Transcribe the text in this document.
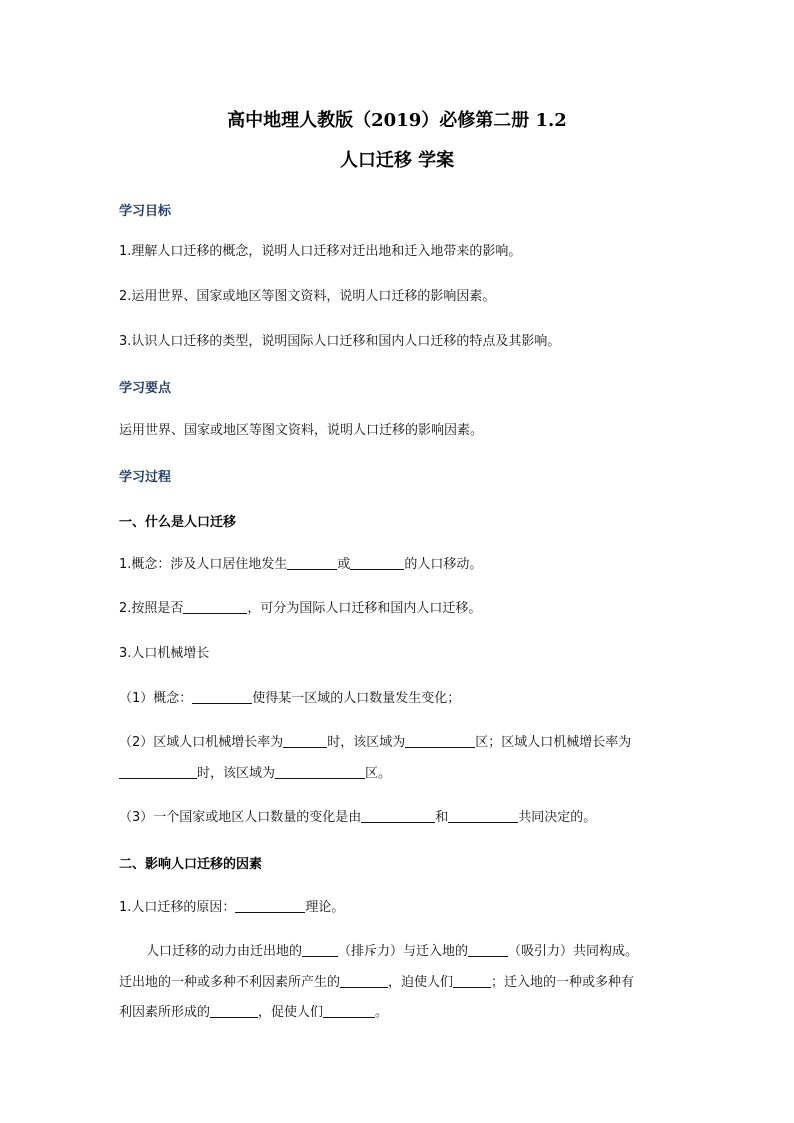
高中地理人教版（2019）必修第二册 1.2
人口迁移 学案
学习目标
1.理解人口迁移的概念，说明人口迁移对迁出地和迁入地带来的影响。
2.运用世界、国家或地区等图文资料，说明人口迁移的影响因素。
3.认识人口迁移的类型，说明国际人口迁移和国内人口迁移的特点及其影响。
学习要点
运用世界、国家或地区等图文资料，说明人口迁移的影响因素。
学习过程
一、什么是人口迁移
1.概念：涉及人口居住地发生	或	的人口移动。
2.按照是否	，可分为国际人口迁移和国内人口迁移。
3.人口机械增长
（1）概念：	使得某一区域的人口数量发生变化；
（2）区域人口机械增长率为	时，该区域为	区；区域人口机械增长率为
时，该区域为	区。
（3）一个国家或地区人口数量的变化是由	和	共同决定的。
二、影响人口迁移的因素
1.人口迁移的原因：	理论。
人口迁移的动力由迁出地的	（排斥力）与迁入地的	（吸引力）共同构成。
迁出地的一种或多种不利因素所产生的	，迫使人们	；迁入地的一种或多种有
利因素所形成的	，促使人们	。
